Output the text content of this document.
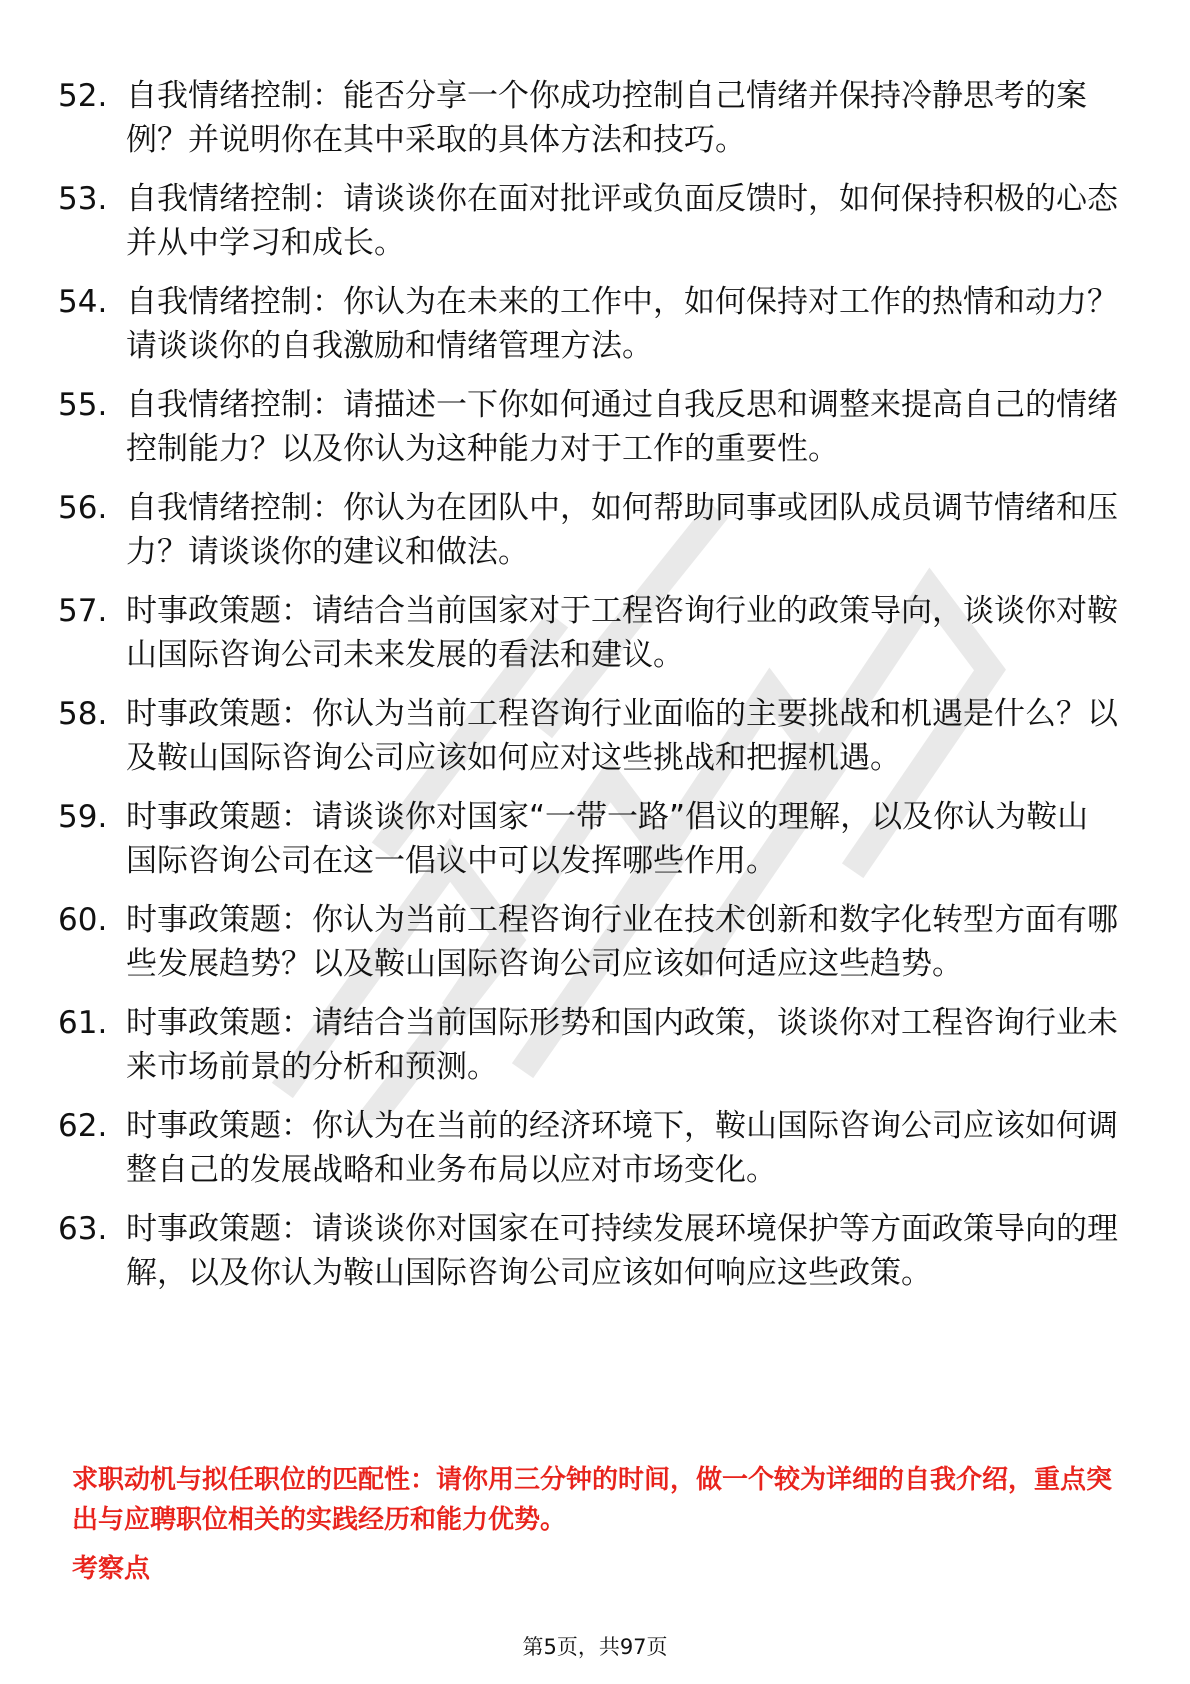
52. 自我情绪控制：能否分享一个你成功控制自己情绪并保持冷静思考的案例？并说明你在其中采取的具体方法和技巧。
53. 自我情绪控制：请谈谈你在面对批评或负面反馈时，如何保持积极的心态并从中学习和成长。
54. 自我情绪控制：你认为在未来的工作中，如何保持对工作的热情和动力？请谈谈你的自我激励和情绪管理方法。
55. 自我情绪控制：请描述一下你如何通过自我反思和调整来提高自己的情绪控制能力？以及你认为这种能力对于工作的重要性。
56. 自我情绪控制：你认为在团队中，如何帮助同事或团队成员调节情绪和压力？请谈谈你的建议和做法。
57. 时事政策题：请结合当前国家对于工程咨询行业的政策导向，谈谈你对鞍山国际咨询公司未来发展的看法和建议。
58. 时事政策题：你认为当前工程咨询行业面临的主要挑战和机遇是什么？以及鞍山国际咨询公司应该如何应对这些挑战和把握机遇。
59. 时事政策题：请谈谈你对国家“一带一路”倡议的理解，以及你认为鞍山国际咨询公司在这一倡议中可以发挥哪些作用。
60. 时事政策题：你认为当前工程咨询行业在技术创新和数字化转型方面有哪些发展趋势？以及鞍山国际咨询公司应该如何适应这些趋势。
61. 时事政策题：请结合当前国际形势和国内政策，谈谈你对工程咨询行业未来市场前景的分析和预测。
62. 时事政策题：你认为在当前的经济环境下，鞍山国际咨询公司应该如何调整自己的发展战略和业务布局以应对市场变化。
63. 时事政策题：请谈谈你对国家在可持续发展环境保护等方面政策导向的理解，以及你认为鞍山国际咨询公司应该如何响应这些政策。
求职动机与拟任职位的匹配性：请你用三分钟的时间，做一个较为详细的自我介绍，重点突出与应聘职位相关的实践经历和能力优势。
考察点
第5页，共97页
